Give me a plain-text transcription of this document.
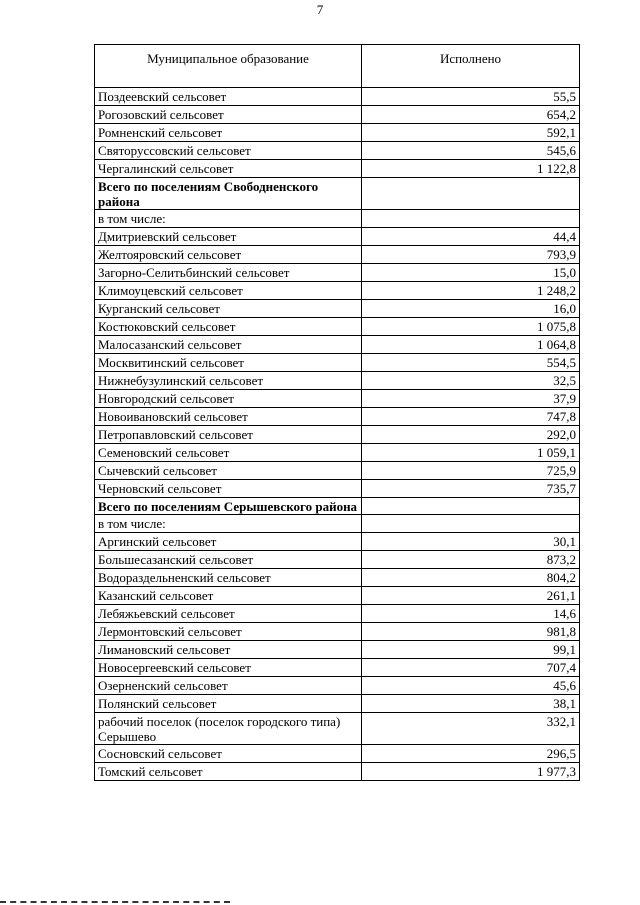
7
Муниципальное образование	Исполнено
Поздеевский сельсовет	55,5
Рогозовский сельсовет	654,2
Ромненский сельсовет	592,1
Святоруссовский сельсовет	545,6
Чергалинский сельсовет	1 122,8
Всего по поселениям Свободненского района	
в том числе:	
Дмитриевский сельсовет	44,4
Желтояровский сельсовет	793,9
Загорно-Селитьбинский сельсовет	15,0
Климоуцевский сельсовет	1 248,2
Курганский сельсовет	16,0
Костюковский сельсовет	1 075,8
Малосазанский сельсовет	1 064,8
Москвитинский сельсовет	554,5
Нижнебузулинский сельсовет	32,5
Новгородский сельсовет	37,9
Новоивановский сельсовет	747,8
Петропавловский сельсовет	292,0
Семеновский сельсовет	1 059,1
Сычевский сельсовет	725,9
Черновский сельсовет	735,7
Всего по поселениям Серышевского района	
в том числе:	
Аргинский сельсовет	30,1
Большесазанский сельсовет	873,2
Водораздельненский сельсовет	804,2
Казанский сельсовет	261,1
Лебяжьевский сельсовет	14,6
Лермонтовский сельсовет	981,8
Лимановский сельсовет	99,1
Новосергеевский сельсовет	707,4
Озерненский сельсовет	45,6
Полянский сельсовет	38,1
рабочий поселок (поселок городского типа) Серышево	332,1
Сосновский сельсовет	296,5
Томский сельсовет	1 977,3
